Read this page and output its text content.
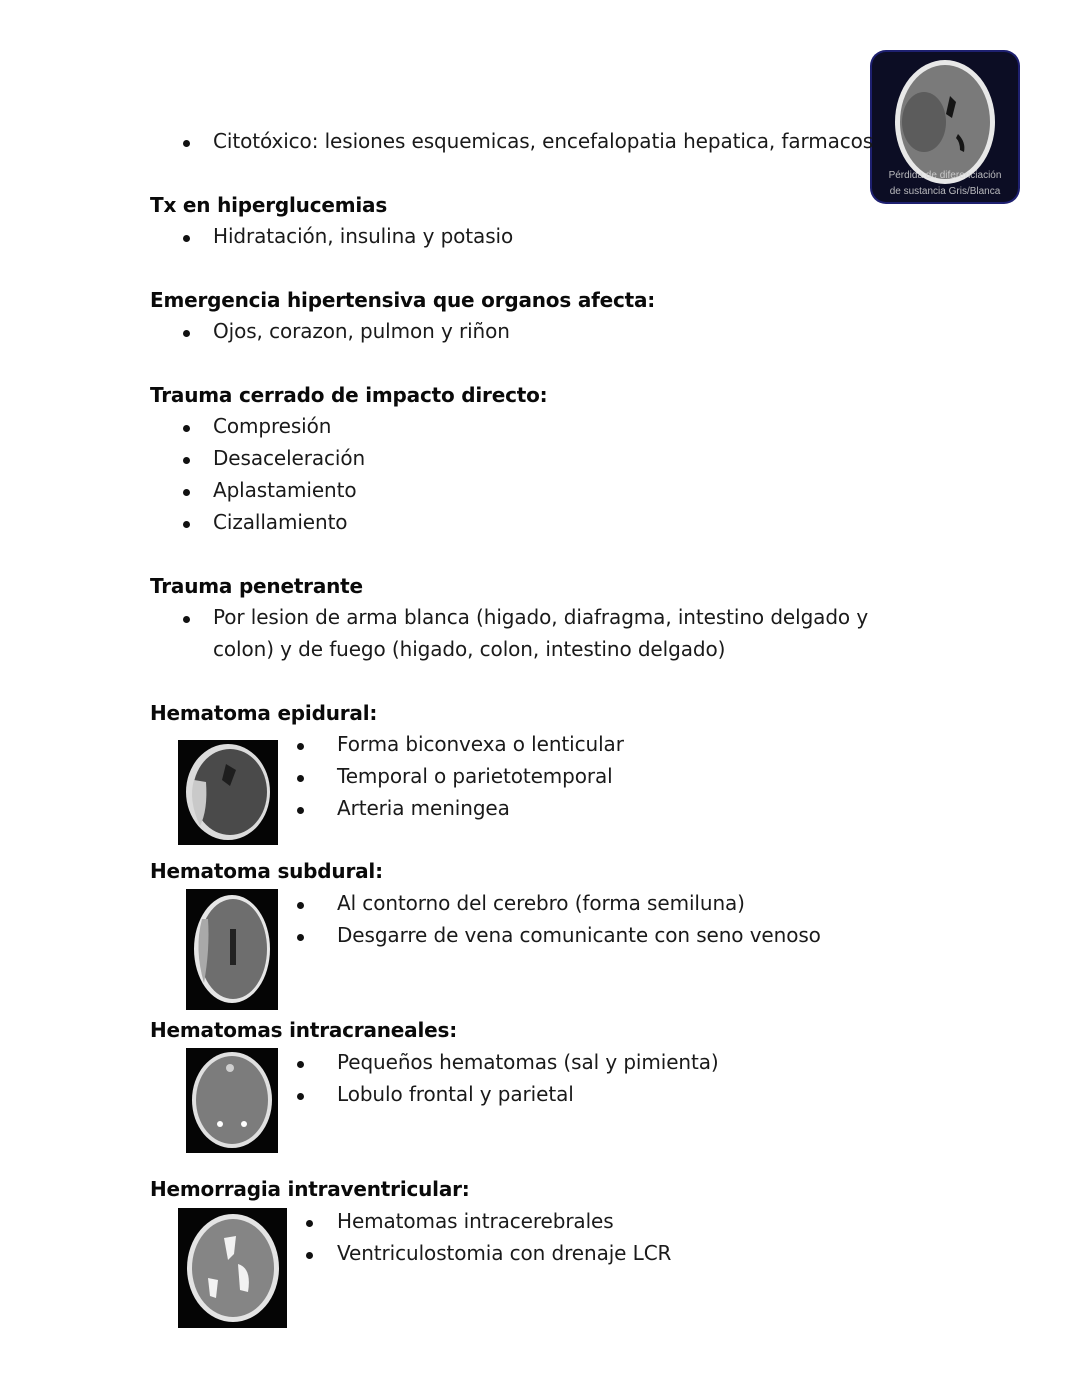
Pérdida de diferenciación
de sustancia Gris/Blanca
Citotóxico: lesiones esquemicas, encefalopatia hepatica, farmacos
Tx en hiperglucemias
Hidratación, insulina y potasio
Emergencia hipertensiva que organos afecta:
Ojos, corazon, pulmon y riñon
Trauma cerrado de impacto directo:
Compresión
Desaceleración
Aplastamiento
Cizallamiento
Trauma penetrante
Por lesion de arma blanca (higado, diafragma, intestino delgado y colon) y de fuego (higado, colon, intestino delgado)
Hematoma epidural:
Forma biconvexa o lenticular
Temporal o parietotemporal
Arteria meningea
Hematoma subdural:
Al contorno del cerebro (forma semiluna)
Desgarre de vena comunicante con seno venoso
Hematomas intracraneales:
Pequeños hematomas (sal y pimienta)
Lobulo frontal y parietal
Hemorragia intraventricular:
Hematomas intracerebrales
Ventriculostomia con drenaje LCR
